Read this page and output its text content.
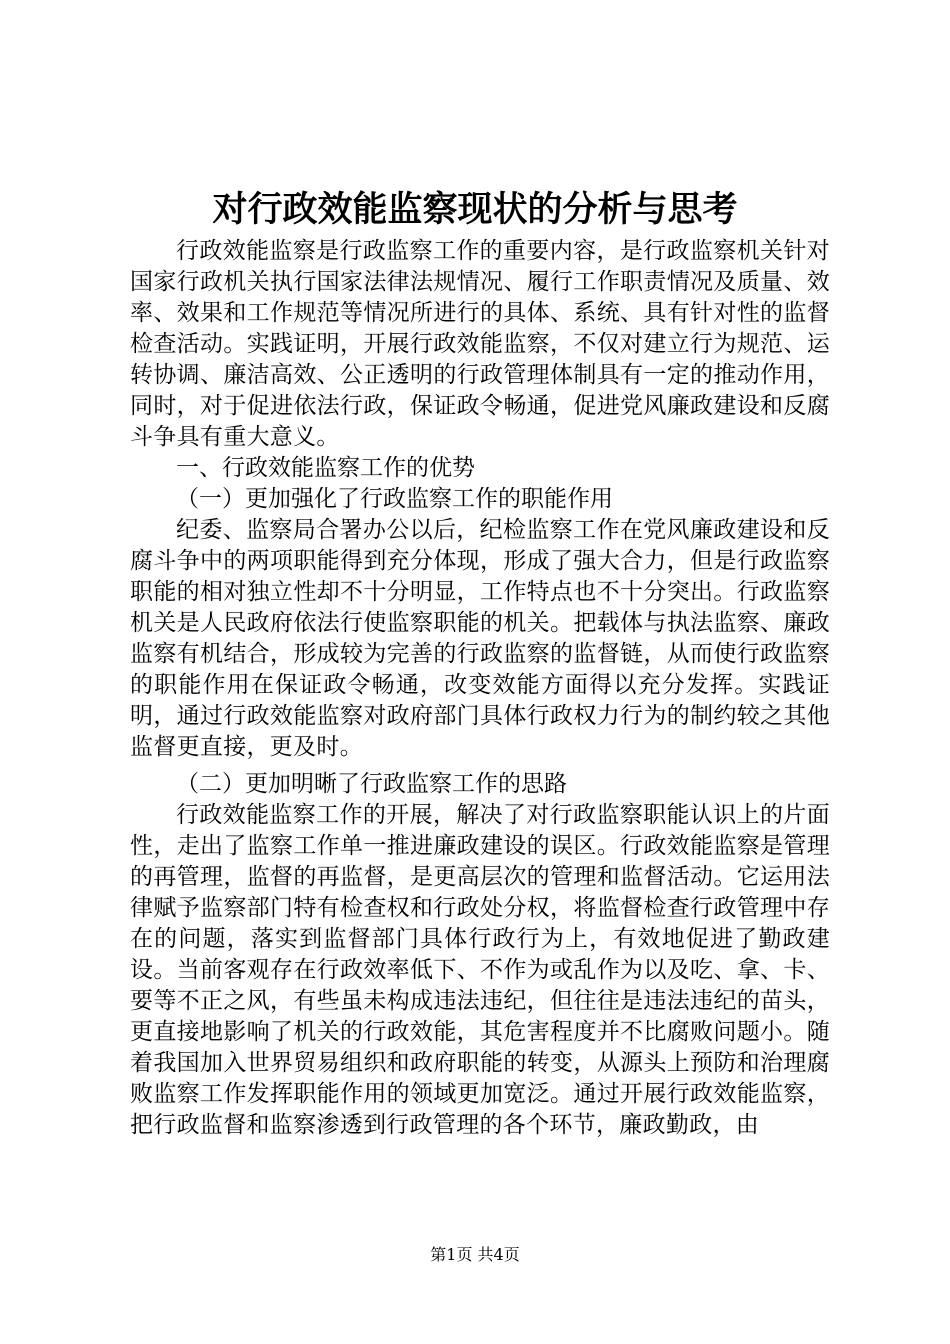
对行政效能监察现状的分析与思考

行政效能监察是行政监察工作的重要内容，是行政监察机关针对国家行政机关执行国家法律法规情况、履行工作职责情况及质量、效率、效果和工作规范等情况所进行的具体、系统、具有针对性的监督检查活动。实践证明，开展行政效能监察，不仅对建立行为规范、运转协调、廉洁高效、公正透明的行政管理体制具有一定的推动作用，同时，对于促进依法行政，保证政令畅通，促进党风廉政建设和反腐斗争具有重大意义。

一、行政效能监察工作的优势

（一）更加强化了行政监察工作的职能作用

纪委、监察局合署办公以后，纪检监察工作在党风廉政建设和反腐斗争中的两项职能得到充分体现，形成了强大合力，但是行政监察职能的相对独立性却不十分明显，工作特点也不十分突出。行政监察机关是人民政府依法行使监察职能的机关。把载体与执法监察、廉政监察有机结合，形成较为完善的行政监察的监督链，从而使行政监察的职能作用在保证政令畅通，改变效能方面得以充分发挥。实践证明，通过行政效能监察对政府部门具体行政权力行为的制约较之其他监督更直接，更及时。

（二）更加明晰了行政监察工作的思路

行政效能监察工作的开展，解决了对行政监察职能认识上的片面性，走出了监察工作单一推进廉政建设的误区。行政效能监察是管理的再管理，监督的再监督，是更高层次的管理和监督活动。它运用法律赋予监察部门特有检查权和行政处分权，将监督检查行政管理中存在的问题，落实到监督部门具体行政行为上，有效地促进了勤政建设。当前客观存在行政效率低下、不作为或乱作为以及吃、拿、卡、要等不正之风，有些虽未构成违法违纪，但往往是违法违纪的苗头，更直接地影响了机关的行政效能，其危害程度并不比腐败问题小。随着我国加入世界贸易组织和政府职能的转变，从源头上预防和治理腐败监察工作发挥职能作用的领域更加宽泛。通过开展行政效能监察，把行政监督和监察渗透到行政管理的各个环节，廉政勤政，由

第1页 共4页
